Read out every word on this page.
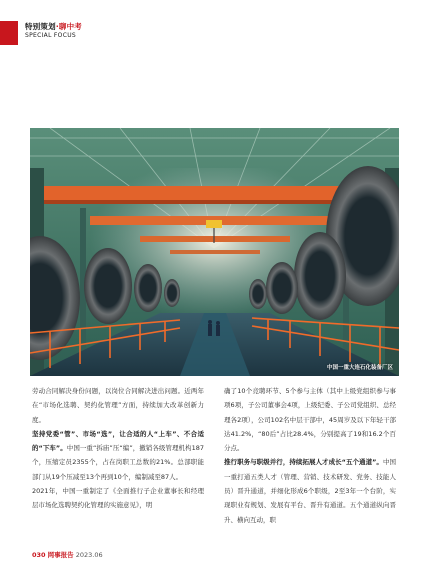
特别策划·聊中考
SPECIAL FOCUS
中国一重大连石化装备厂区

劳动合同解决身份问题，以岗位合同解决进出问题。近两年在“市场化选聘、契约化管理”方面，持续加大改革创新力度。

坚持党委“管”、市场“选”，让合适的人“上车”、不合适的“下车”。中国一重“拆庙”压“编”，撤销各级管理机构187个，压缩定员2355个，占在岗职工总数的21%。总部职能部门从19个压减至13个再到10个，编制减至87人。

2021年，中国一重制定了《全面推行子企业董事长和经理层市场化选聘契约化管理的实施意见》，明

确了10个竞聘环节、5个参与主体（其中上级党组织参与事项6项，子公司董事会4项，上级纪委、子公司党组织、总经理各2项），公司102名中层干部中，45周岁及以下年轻干部达41.2%，“80后”占比28.4%，分别提高了19和16.2个百分点。

推行职务与职级并行，持续拓展人才成长“五个通道”。中国一重打通五类人才（管理、营销、技术研发、党务、技能人员）晋升通道，并细化形成6个职级，2至3年一个台阶，实现职业有规划、发展有平台、晋升有通道。五个通道纵向晋升、横向互动，职

030 网事报告 2023.06
